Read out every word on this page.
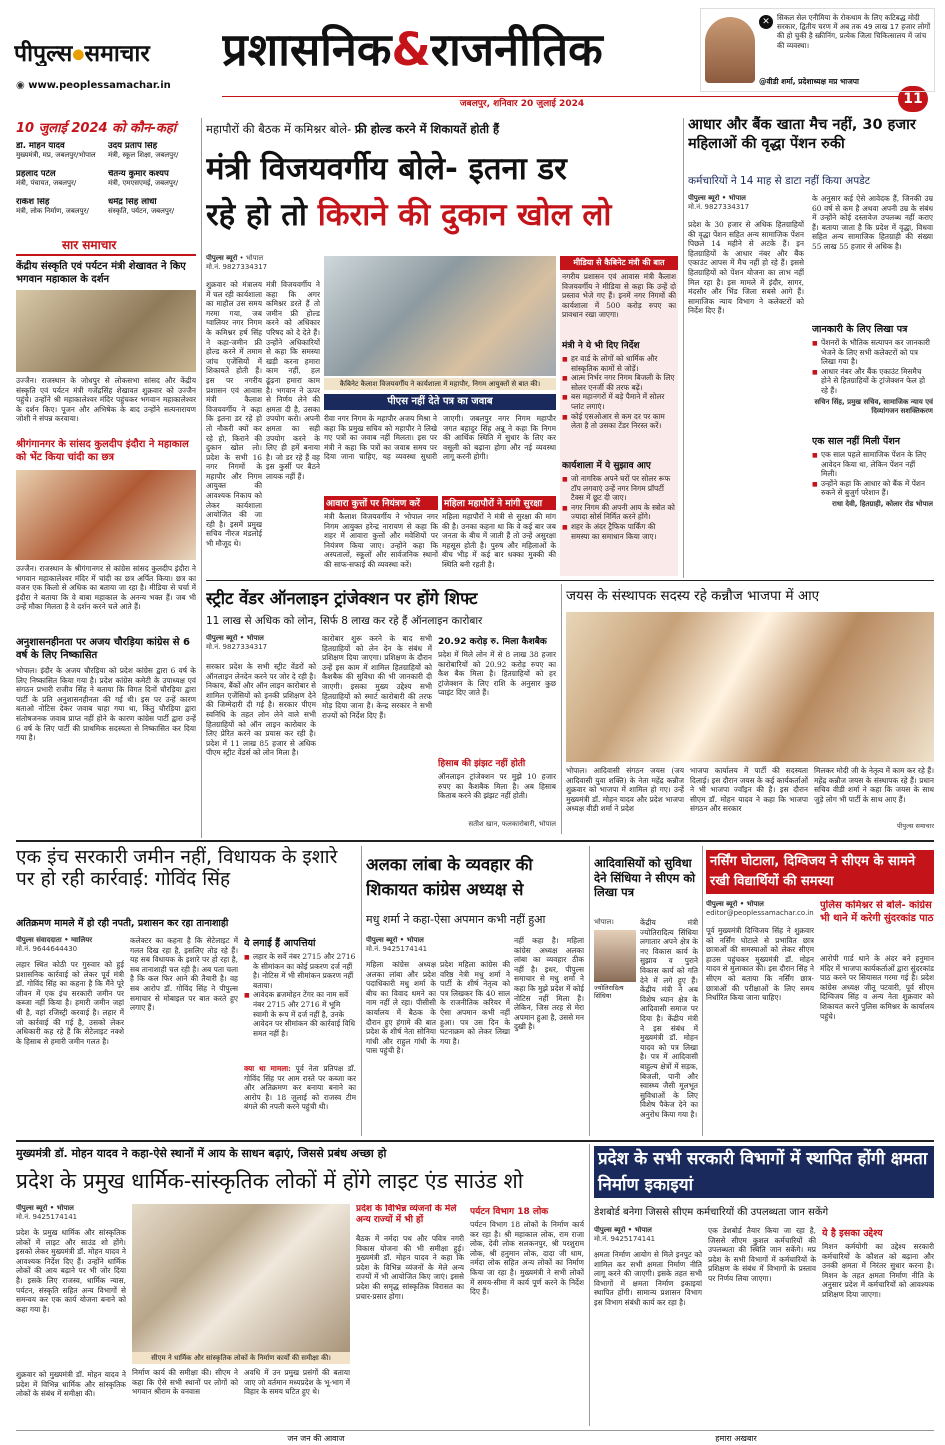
पीपुल्स●समाचार
◉ www.peoplessamachar.in
प्रशासनिक&राजनीतिक
जबलपुर, शनिवार 20 जुलाई 2024	11
✕	सिकल सेल एनीमिया के रोकथाम के लिए कटिबद्ध मोदी सरकार, द्वितीय चरण में अब तक 49 लाख 17 हजार लोगों की हो चुकी है स्क्रीनिंग, प्रत्येक जिला चिकित्सालय में जांच की व्यवस्था।
@वीडी शर्मा, प्रदेशाध्यक्ष मप्र भाजपा
10 जुलाई 2024 को कौन-कहां
डॉ. मोहन यादव
मुख्यमंत्री, मप्र, जबलपुर/भोपाल
उदय प्रताप सिंह
मंत्री, स्कूल शिक्षा, जबलपुर/
प्रहलाद पटेल
मंत्री, पंचायत, जबलपुर/
चैतन्य कुमार कश्यप
मंत्री, एमएसएमई, जबलपुर/
राकेश सिंह
मंत्री, लोक निर्माण, जबलपुर/
धर्मेंद्र सिंह लोधी
संस्कृति, पर्यटन, जबलपुर/
सार समाचार
केंद्रीय संस्कृति एवं पर्यटन मंत्री शेखावत ने किए भगवान महाकाल के दर्शन
उज्जैन। राजस्थान के जोधपुर से लोकसभा सांसद और केंद्रीय संस्कृति एवं पर्यटन मंत्री गजेंद्रसिंह शेखावत शुक्रवार को उज्जैन पहुंचे। उन्होंने श्री महाकालेश्वर मंदिर पहुंचकर भगवान महाकालेश्वर के दर्शन किए। पूजन और अभिषेक के बाद उन्होंने सत्यनारायण जोशी ने संपन्न करवाया।
श्रीगंगानगर के सांसद कुलदीप इंदौरा ने महाकाल को भेंट किया चांदी का छत्र
उज्जैन। राजस्थान के श्रीगंगानगर से कांग्रेस सांसद कुलदीप इंदौरा ने भगवान महाकालेश्वर मंदिर में चांदी का छत्र अर्पित किया। छत्र का वजन एक किलो से अधिक का बताया जा रहा है। मीडिया से चर्चा में इंदौरा ने बताया कि वे बाबा महाकाल के अनन्य भक्त हैं। जब भी उन्हें मौका मिलता है वे दर्शन करने चले आते हैं।
अनुशासनहीनता पर अजय चौरड़िया कांग्रेस से 6 वर्ष के लिए निष्कासित
भोपाल। इंदौर के अजय चौरड़िया को प्रदेश कांग्रेस द्वारा 6 वर्ष के लिए निष्कासित किया गया है। प्रदेश कांग्रेस कमेटी के उपाध्यक्ष एवं संगठन प्रभारी राजीव सिंह ने बताया कि विगत दिनों चौरड़िया द्वारा पार्टी के प्रति अनुशासनहीनता की गई थी। इस पर उन्हें कारण बताओ नोटिस देकर जवाब चाहा गया था, किंतु चौरड़िया द्वारा संतोषजनक जवाब प्राप्त नहीं होने के कारण कांग्रेस पार्टी द्वारा उन्हें 6 वर्ष के लिए पार्टी की प्राथमिक सदस्यता से निष्कासित कर दिया गया है।
महापौरों की बैठक में कमिश्नर बोले- फ्री होल्ड करने में शिकायतें होती हैं
मंत्री विजयवर्गीय बोले- इतना डर
रहे हो तो किराने की दुकान खोल लो
पीपुल्स ब्यूरो • भोपाल
मो.नं. 9827334317
शुक्रवार को मंत्रालय में चल रही कार्यशाला का माहौल उस समय गरमा गया, जब ग्वालियर नगर निगम के कमिश्नर हर्ष सिंह ने कहा-जमीन फ्री होल्ड करने में तमाम जांच एजेंसियों में शिकायतें होती हैं। इस पर नगरीय प्रशासन एवं आवास मंत्री कैलाश विजयवर्गीय ने कहा कि इतना डर रहे हो तो नौकरी क्यों कर रहे हो, किराने की दुकान खोल लो। प्रदेश के सभी 16 नगर निगमों के महापौर और निगम आयुक्त की आवश्यक निकाय को लेकर कार्यशाला आयोजित की जा रही है। इसमें प्रमुख सचिव नीरज मंडलोई भी मौजूद थे।
मंत्री विजयवर्गीय ने कहा कि अगर कमिश्नर डरते हैं तो जमीन फ्री होल्ड करने को अधिकार परिषद को दे देते हैं। उन्होंने अधिकारियों से कहा कि समस्या खड़ी करना हमारा काम नहीं, हल ढूंढ़ना हमारा काम है। भगवान ने ऊपर से निर्णय लेने की क्षमता दी है, उसका उपयोग करो। अपनी क्षमता का सही उपयोग करने के लिए ही हमें बनाया है। जो डर रहे हैं वह इस कुर्सी पर बैठने लायक नहीं हैं।
कैबिनेट कैलाश विजयवर्गीय ने कार्यशाला में महापौर, निगम आयुक्तों से बात की।
पीएस नहीं देते पत्र का जवाब
रीवा नगर निगम के महापौर अजय मिश्रा ने कहा कि प्रमुख सचिव को महापौर ने लिखे गए पत्रों का जवाब नहीं मिलता। इस पर मंत्री ने कहा कि पत्रों का जवाब समय पर दिया जाना चाहिए, यह व्यवस्था सुधारी जाएगी। जबलपुर नगर निगम महापौर जगत बहादुर सिंह अन्नू ने कहा कि निगम की आर्थिक स्थिति में सुधार के लिए कर वसूली को बढ़ाना होगा और नई व्यवस्था लागू करनी होगी।
आवारा कुत्तों पर नियंत्रण करें
मंत्री कैलाश विजयवर्गीय ने भोपाल नगर निगम आयुक्त हरेन्द्र नारायण से कहा कि शहर में आवारा कुत्तों और मवेशियों पर नियंत्रण किया जाए। उन्होंने कहा कि अस्पतालों, स्कूलों और सार्वजनिक स्थानों की साफ-सफाई की व्यवस्था करें।
महिला महापौरों ने मांगी सुरक्षा
महिला महापौरों ने मंत्री से सुरक्षा की मांग की है। उनका कहना था कि वे कई बार जब जनता के बीच में जाती हैं तो उन्हें असुरक्षा महसूस होती है। पुरुष और महिलाओं के बीच भीड़ में कई बार धक्का मुक्की की स्थिति बनी रहती है।
मीडिया से कैबिनेट मंत्री की बात
नगरीय प्रशासन एवं आवास मंत्री कैलाश विजयवर्गीय ने मीडिया से कहा कि उन्हें दो प्रस्ताव भेजे गए हैं। इनमें नगर निगमों की कार्यशाला में 500 करोड़ रुपए का प्रावधान रखा जाएगा।
मंत्री ने ये भी दिए निर्देश
■ हर वार्ड के लोगों को धार्मिक और सांस्कृतिक कामों से जोड़ें।
■ आत्म निर्भर नगर निगम बिजली के लिए सोलर एनर्जी की तरफ बढ़ें।
■ बस महानगरों में बड़े पैमाने में सोलर प्लांट लगाएं।
■ कोई एसओआर से कम दर पर काम लेता है तो उसका टेंडर निरस्त करें।
कार्यशाला में ये सुझाव आए
■ जो नागरिक अपने घरों पर सोलर रूफ टॉप लगवाएं उन्हें नगर निगम प्रॉपर्टी टैक्स में छूट दी जाए।
■ नगर निगम की अपनी आय के स्त्रोत को ज्यादा सोर्स निर्मित करने होंगे।
■ शहर के अंदर ट्रैफिक पार्किंग की समस्या का समाधान किया जाए।
आधार और बैंक खाता मैच नहीं, 30 हजार महिलाओं की वृद्धा पेंशन रुकी
कर्मचारियों ने 14 माह से डाटा नहीं किया अपडेट
पीपुल्स ब्यूरो • भोपाल
मो.नं. 9827334317
प्रदेश के 30 हजार से अधिक हितग्राहियों की वृद्धा पेंशन सहित अन्य सामाजिक पेंशन पिछले 14 महीने से अटके हैं। इन हितग्राहियों के आधार नंबर और बैंक एकाउंट आपस में मैच नहीं हो रहे हैं। इससे हितग्राहियों को पेंशन योजना का लाभ नहीं मिल रहा है। इस मामले में इंदौर, सागर, मंदसौर और भिंड जिला सबसे आगे हैं। सामाजिक न्याय विभाग ने कलेक्टरों को निर्देश दिए हैं।
के अनुसार कई ऐसे आवेदक हैं, जिनकी उम्र 60 वर्ष से कम है अथवा अपनी उम्र के संबंध में उन्होंने कोई दस्तावेज उपलब्ध नहीं कराए हैं। बताया जाता है कि प्रदेश में वृद्धा, विधवा सहित अन्य सामाजिक हितग्राही की संख्या 55 लाख 55 हजार से अधिक है।
जानकारी के लिए लिखा पत्र
■ पेंशनरों के भौतिक सत्यापन कर जानकारी भेजने के लिए सभी कलेक्टरों को पत्र लिखा गया है।
■ आधार नंबर और बैंक एकाउंट मिसमैच होने से हितग्राहियों के ट्रांजेक्शन फेल हो रहे हैं।
सचिन सिंह, प्रमुख सचिव, सामाजिक न्याय एवं दिव्यांगजन सशक्तिकरण
एक साल नहीं मिली पेंशन
■ एक साल पहले सामाजिक पेंशन के लिए आवेदन किया था, लेकिन पेंशन नहीं मिली।
■ उन्होंने कहा कि आधार को बैंक में पेंशन रुकने से बुजुर्ग परेशान हैं।
राधा देवी, हितग्राही, कोलार रोड भोपाल
स्ट्रीट वेंडर ऑनलाइन ट्रांजेक्शन पर होंगे शिफ्ट
11 लाख से अधिक को लोन, सिर्फ 8 लाख कर रहे हैं ऑनलाइन कारोबार
पीपुल्स ब्यूरो • भोपाल
मो.नं. 9827334317
सरकार प्रदेश के सभी स्ट्रीट वेंडरों को ऑनलाइन लेनदेन करने पर जोर दे रही है। निकाय, बैंकों और ऑन लाइन कारोबार से शामिल एजेंसियों को इनकी प्रशिक्षण देने की जिम्मेदारी दी गई है। सरकार पीएम स्वनिधि के तहत लोन लेने वाले सभी हितग्राहियों को ऑन लाइन कारोबार के लिए प्रेरित करने का प्रयास कर रही है। प्रदेश में 11 लाख 85 हजार से अधिक पीएम स्ट्रीट वेंडर्स को लोन मिला है।
कारोबार शुरू करने के बाद सभी हितग्राहियों को लेन देन के संबंध में प्रशिक्षण दिया जाएगा। प्रशिक्षण के दौरान उन्हें इस काम में शामिल हितग्राहियों को कैशबैक की सुविधा की भी जानकारी दी जाएगी। इसका मुख्य उद्देश्य सभी हितग्राहियों को स्मार्ट कारोबारी की तरफ मोड़ दिया जाना है। केन्द्र सरकार ने सभी राज्यों को निर्देश दिए हैं।
20.92 करोड़ रु. मिला कैशबैक
प्रदेश में मिले लोन में से 8 लाख 38 हजार कारोबारियों को 20.92 करोड़ रुपए का कैश बैक मिला है। हितग्राहियों को हर ट्रांजेक्शन के लिए राशि के अनुसार कुछ प्वाइंट दिए जाते हैं।
हिसाब की झंझट नहीं होती
ऑनलाइन ट्रांजेक्शन पर मुझे 10 हजार रुपए का कैशबैक मिला है। अब हिसाब किताब करने की झंझट नहीं होती।
सतीश खान, फलकारोबारी, भोपाल
जयस के संस्थापक सदस्य रहे कन्नौज भाजपा में आए
भोपाल। आदिवासी संगठन जयस (जय आदिवासी युवा शक्ति) के नेता महेंद्र कन्नौज शुक्रवार को भाजपा में शामिल हो गए। उन्हें मुख्यमंत्री डॉ. मोहन यादव और प्रदेश भाजपा अध्यक्ष वीडी शर्मा ने प्रदेश
भाजपा कार्यालय में पार्टी की सदस्यता दिलाई। इस दौरान जयस के कई कार्यकर्ताओं ने भी भाजपा ज्वॉइन की है। इस दौरान सीएम डॉ. मोहन यादव ने कहा कि भाजपा संगठन और सरकार
मिलकर मोदी जी के नेतृत्व में काम कर रहे हैं। महेंद्र कन्नौज जयस के संस्थापक रहे हैं। प्रधान सचिव वीडी शर्मा ने कहा कि जयस के साथ जुड़े लोग भी पार्टी के साथ आए हैं।
पीपुल्स समाचार
एक इंच सरकारी जमीन नहीं, विधायक के इशारे पर हो रही कार्रवाई: गोविंद सिंह
अतिक्रमण मामले में हो रही नपती, प्रशासन कर रहा तानाशाही
पीपुल्स संवाददाता • ग्वालियर
मो.नं. 9644644430
लहार स्थित कोठी पर गुरुवार को हुई प्रशासनिक कार्रवाई को लेकर पूर्व मंत्री डॉ. गोविंद सिंह का कहना है कि मैंने पूरे जीवन में एक इंच सरकारी जमीन पर कब्जा नहीं किया है। हमारी जमीन जहां थी है, वहां रजिस्ट्री करवाई है। लहार में जो कार्रवाई की गई है, उसको लेकर अधिकारी कह रहे हैं कि सेटेलाइट नक्शे के हिसाब से हमारी जमीन गलत है।
कलेक्टर का कहना है कि सेटेलाइट में गलत दिख रहा है, इसलिए तोड़ रहे हैं। यह सब विधायक के इशारे पर हो रहा है, सब तानाशाही चल रही है। अब पता चला है कि कल फिर आने की तैयारी है। वह सब आरोप डॉ. गोविंद सिंह ने पीपुल्स समाचार से मोबाइल पर बात करते हुए लगाए हैं।
ये लगाई हैं आपत्तियां
■ लहार के सर्वे नंबर 2715 और 2716 के सीमांकन का कोई प्रकरण दर्ज नहीं है। नोटिस में भी सीमांकन प्रकरण नहीं बताया।
■ आवेदक ब्रजमोहन टेंगर का नाम सर्वे नंबर 2715 और 2716 में भूमि स्वामी के रूप में दर्ज नहीं है, उनके आवेदन पर सीमांकन की कार्रवाई विधि समत नहीं है।
क्या था मामला: पूर्व नेता प्रतिपक्ष डॉ. गोविंद सिंह पर आम रास्ते पर कब्जा कर और अतिक्रमण कर बनाया बनाने का आरोप है। 18 जुलाई को राजस्व टीम बंगले की नपती करने पहुंची थी।
अलका लांबा के व्यवहार की शिकायत कांग्रेस अध्यक्ष से
मधु शर्मा ने कहा-ऐसा अपमान कभी नहीं हुआ
पीपुल्स ब्यूरो • भोपाल
मो.नं. 9425174141
महिला कांग्रेस अध्यक्ष अलका लांबा और प्रदेश पदाधिकारी मधु शर्मा के बीच का विवाद थमने का नाम नहीं ले रहा। पीसीसी कार्यालय में बैठक के दौरान हुए हंगामे की बात प्रदेश के शीर्ष नेता सोनिया गांधी और राहुल गांधी के पास पहुंची है।
प्रदेश महिला कांग्रेस की वरिष्ठ नेत्री मधु शर्मा ने पार्टी के शीर्ष नेतृत्व को पत्र लिखकर कि 40 साल के राजनीतिक करियर में ऐसा अपमान कभी नहीं हुआ। पत्र उस दिन के घटनाक्रम को लेकर लिखा गया है।
नहीं कहा है। महिला कांग्रेस अध्यक्ष अलका लांबा का व्यवहार ठीक नहीं है। इधर, पीपुल्स समाचार से मधु शर्मा ने कहा कि मुझे प्रदेश में कोई नोटिस नहीं मिला है। लेकिन, जिस तरह से मेरा अपमान हुआ है, उससे मन दुखी है।
आदिवासियों को सुविधा देने सिंधिया ने सीएम को लिखा पत्र
भोपाल।
ज्योतिरादित्य सिंधिया
केंद्रीय मंत्री ज्योतिरादित्य सिंधिया लगातार अपने क्षेत्र के नए विकास कार्य के सुझाव व पुराने विकास कार्य को गति देने में लगे हुए हैं। केंद्रीय मंत्री ने अब विशेष ध्यान क्षेत्र के आदिवासी समाज पर दिया है। केंद्रीय मंत्री ने इस संबंध में मुख्यमंत्री डॉ. मोहन यादव को पत्र लिखा है। पत्र में आदिवासी बाहुल्य क्षेत्रों में सड़क, बिजली, पानी और स्वास्थ्य जैसी मूलभूत सुविधाओं के लिए विशेष पैकेज देने का अनुरोध किया गया है।
नर्सिंग घोटाला, दिग्विजय ने सीएम के सामने रखी विद्यार्थियों की समस्या
पीपुल्स ब्यूरो • भोपाल
editor@peoplessamachar.co.in
पूर्व मुख्यमंत्री दिग्विजय सिंह ने शुक्रवार को नर्सिंग घोटाले से प्रभावित छात्र छात्राओं की समस्याओं को लेकर सीएम हाउस पहुंचकर मुख्यमंत्री डॉ. मोहन यादव से मुलाकात की। इस दौरान सिंह ने सीएम को बताया कि नर्सिंग छात्र-छात्राओं की परीक्षाओं के लिए समय निर्धारित किया जाना चाहिए।
पुलिस कमिश्नर से बोले- कांग्रेस भी थाने में करेगी सुंदरकांड पाठ
आरोपी गार्ड थाने के अंदर बने हनुमान मंदिर में भाजपा कार्यकर्ताओं द्वारा सुंदरकांड पाठ करने पर सियासत गरमा गई है। प्रदेश कांग्रेस अध्यक्ष जीतू पटवारी, पूर्व सीएम दिग्विजय सिंह व अन्य नेता शुक्रवार को शिकायत करने पुलिस कमिश्नर के कार्यालय पहुंचे।
मुख्यमंत्री डॉ. मोहन यादव ने कहा-ऐसे स्थानों में आय के साधन बढ़ाएं, जिससे प्रबंध अच्छा हो
प्रदेश के प्रमुख धार्मिक-सांस्कृतिक लोकों में होंगे लाइट एंड साउंड शो
पीपुल्स ब्यूरो • भोपाल
मो.नं. 9425174141
प्रदेश के प्रमुख धार्मिक और सांस्कृतिक लोकों में लाइट और साउंड शो होंगे। इसको लेकर मुख्यमंत्री डॉ. मोहन यादव ने आवश्यक निर्देश दिए हैं। उन्होंने धार्मिक लोकों की आय बढ़ाने पर भी जोर दिया है। इसके लिए राजस्व, धार्मिक न्यास, पर्यटन, संस्कृति सहित अन्य विभागों से समन्वय कर एक कार्य योजना बनाने को कहा गया है।
शुक्रवार को मुख्यमंत्री डॉ. मोहन यादव ने प्रदेश में विभिन्न धार्मिक और सांस्कृतिक लोकों के संबंध में समीक्षा की।
सीएम ने धार्मिक और सांस्कृतिक लोकों के निर्माण कार्यों की समीक्षा की।
निर्माण कार्य की समीक्षा की। सीएम ने कहा कि ऐसे सभी स्थानों पर लोगों को भगवान श्रीराम के वनवास
अवधि में उन प्रमुख प्रसंगों की बताया जाए जो वर्तमान मध्यप्रदेश के भू-भाग में विहार के समय घटित हुए थे।
प्रदेश के विभिन्न व्यंजनों के मेले अन्य राज्यों में भी हों
बैठक में नर्मदा पथ और पवित्र नगरी विकास योजना की भी समीक्षा हुई। मुख्यमंत्री डॉ. मोहन यादव ने कहा कि प्रदेश के विभिन्न व्यंजनों के मेले अन्य राज्यों में भी आयोजित किए जाएं। इससे प्रदेश की समृद्ध सांस्कृतिक विरासत का प्रचार-प्रसार होगा।
पर्यटन विभाग 18 लोक
पर्यटन विभाग 18 लोकों के निर्माण कार्य कर रहा है। श्री महाकाल लोक, राम राजा लोक, देवी लोक सलकनपुर, श्री परशुराम लोक, श्री हनुमान लोक, दादा जी धाम, नर्मदा लोक सहित अन्य लोकों का निर्माण किया जा रहा है। मुख्यमंत्री ने सभी लोकों में समय-सीमा में कार्य पूर्ण करने के निर्देश दिए हैं।
प्रदेश के सभी सरकारी विभागों में स्थापित होंगी क्षमता निर्माण इकाइयां
डेशबोर्ड बनेगा जिससे सीएम कर्मचारियों की उपलब्धता जान सकेंगे
पीपुल्स ब्यूरो • भोपाल
मो.नं. 9425174141
क्षमता निर्माण आयोग से मिले इनपुट को शामिल कर सभी क्षमता निर्माण नीति लागू करने की जाएगी। इसके तहत सभी विभागों में क्षमता निर्माण इकाइयां स्थापित होंगी। सामान्य प्रशासन विभाग इस विभाग संबंधी कार्य कर रहा है।
एक डेशबोर्ड तैयार किया जा रहा है, जिससे सीएम कुशल कर्मचारियों की उपलब्धता की स्थिति जान सकेंगे। मप्र प्रदेश के सभी विभागों में कर्मचारियों के प्रशिक्षण के संबंध में विभागों के प्रस्ताव पर निर्णय लिया जाएगा।
ये है इसका उद्देश्य
मिशन कर्मयोगी का उद्देश्य सरकारी कर्मचारियों के कौशल को बढ़ाना और उनकी क्षमता में निरंतर सुधार करना है। मिशन के तहत क्षमता निर्माण नीति के अनुसार प्रदेश में कर्मचारियों को आवश्यक प्रशिक्षण दिया जाएगा।
जन जन की आवाज	हमारा अखबार
